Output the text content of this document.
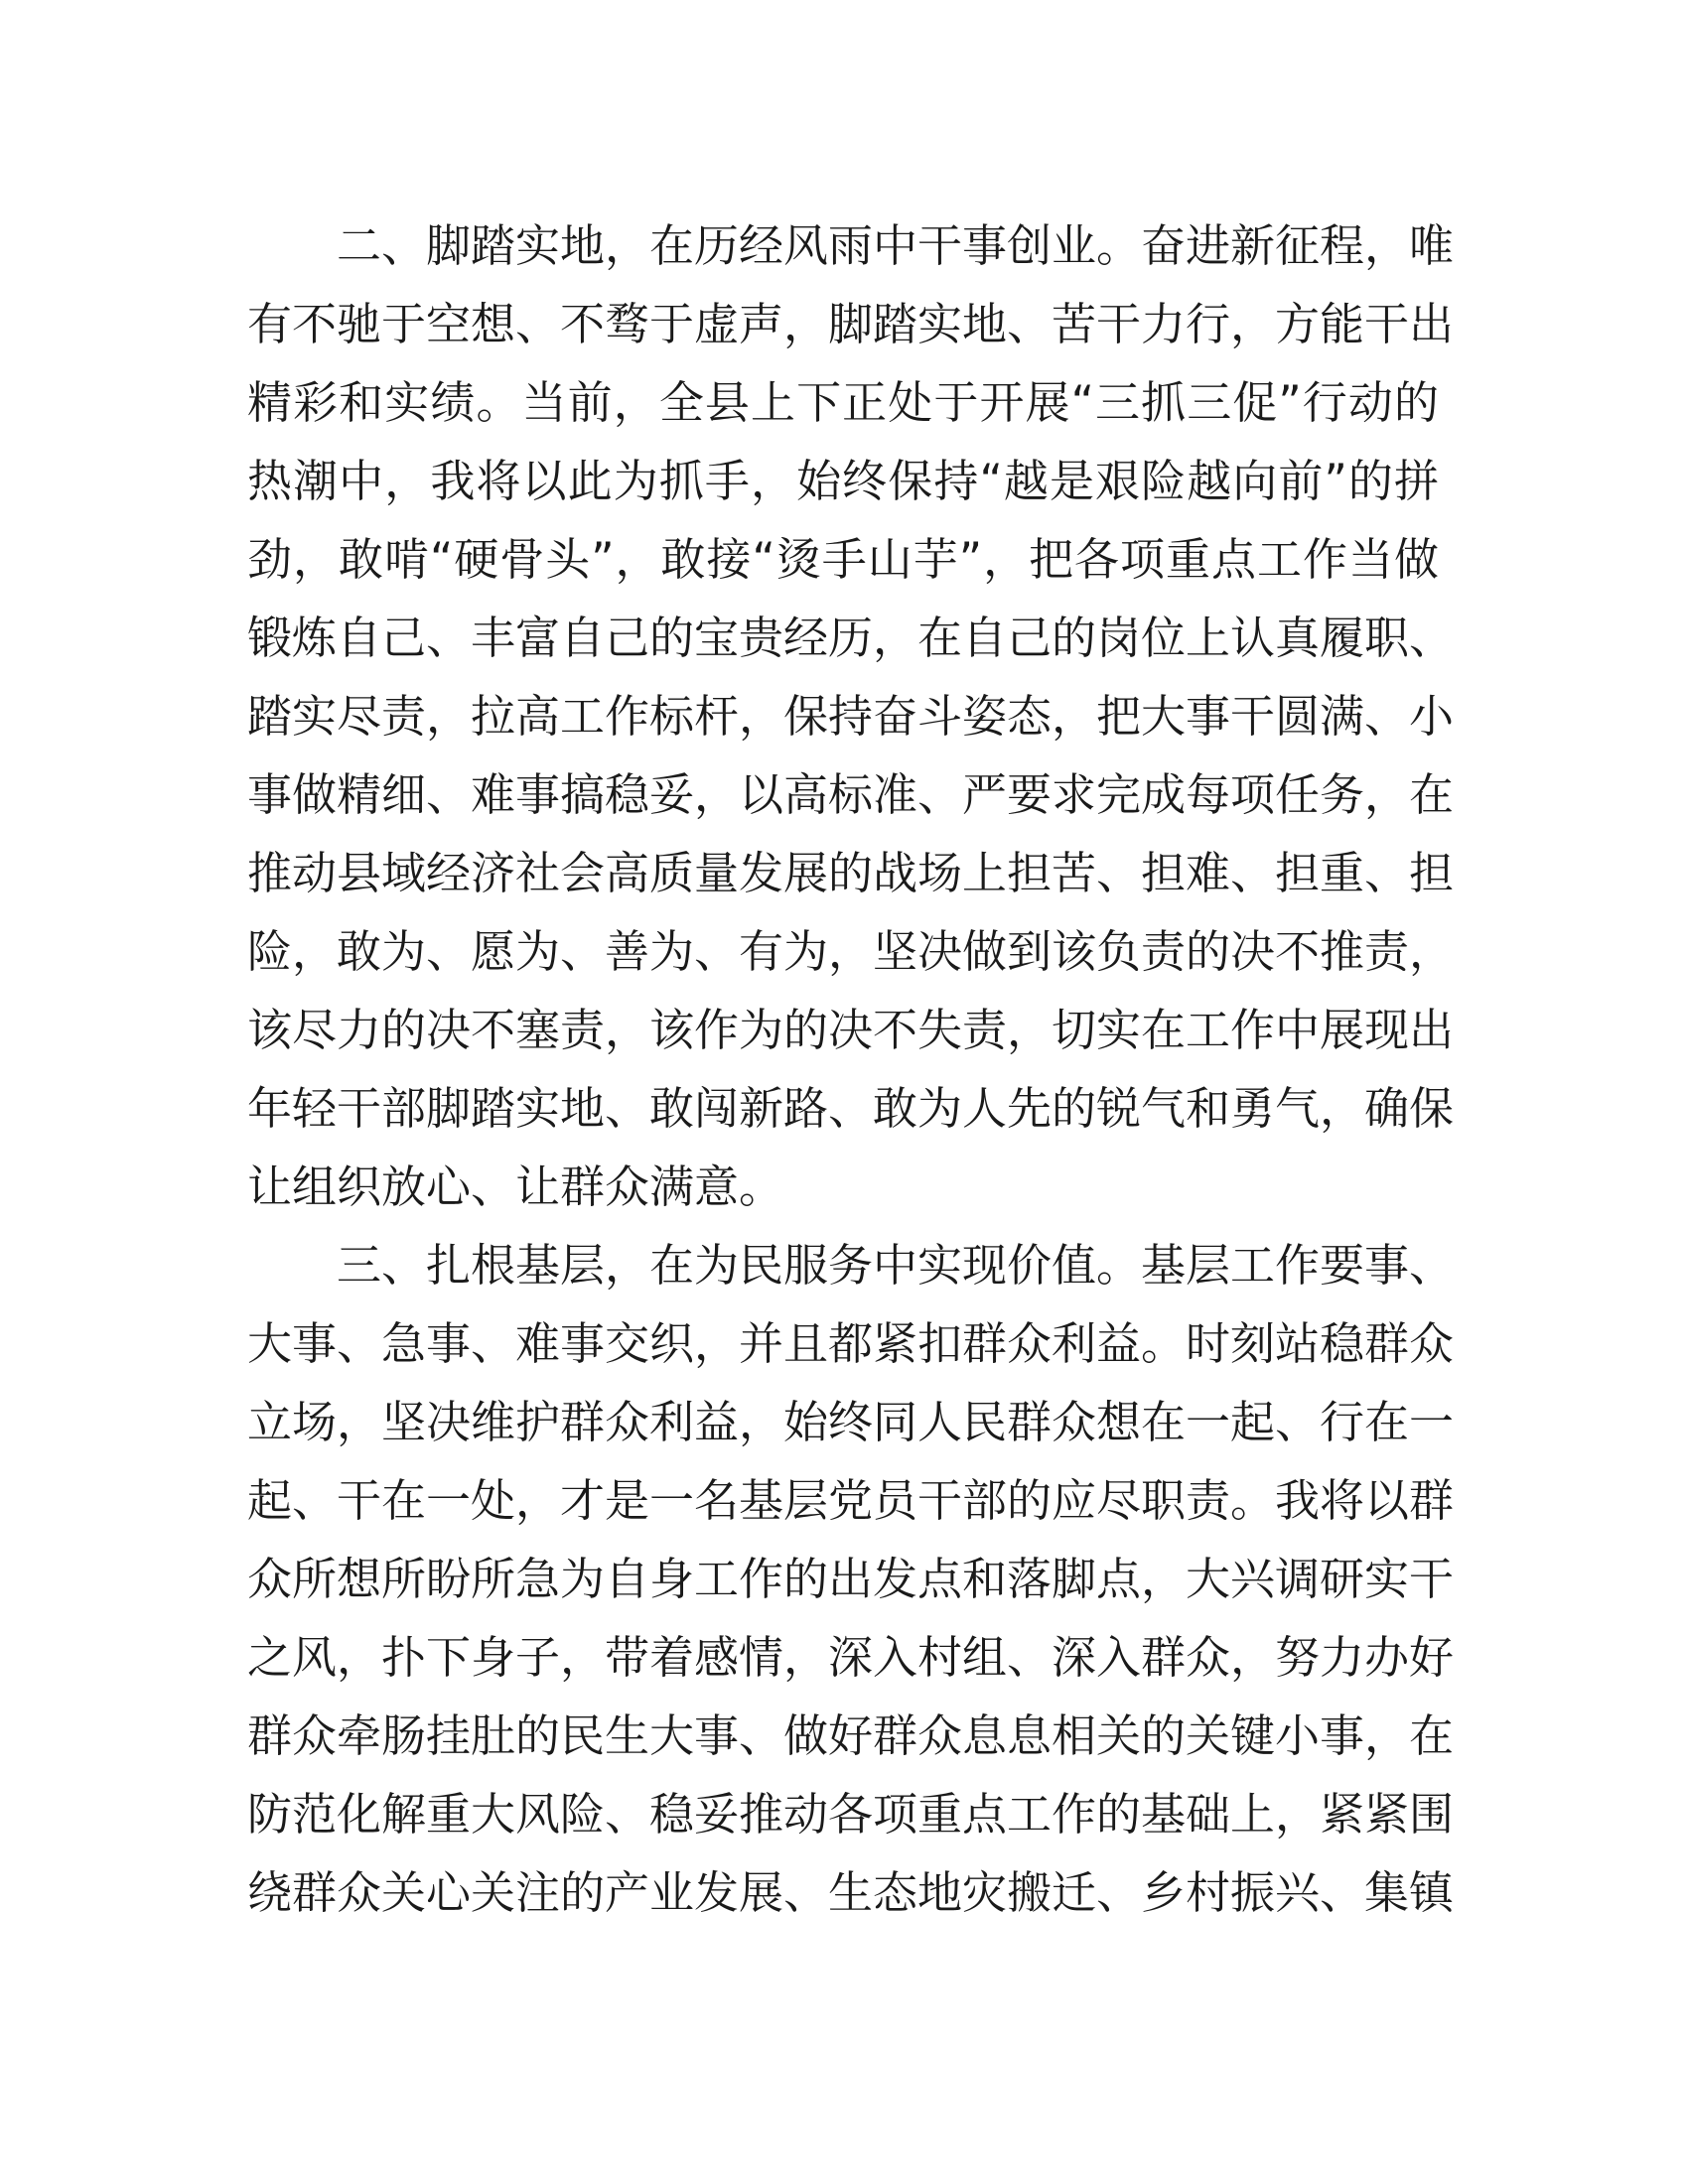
二、脚踏实地，在历经风雨中干事创业。奋进新征程，唯
有不驰于空想、不骛于虚声，脚踏实地、苦干力行，方能干出
精彩和实绩。当前，全县上下正处于开展“三抓三促”行动的
热潮中，我将以此为抓手，始终保持“越是艰险越向前”的拼
劲，敢啃“硬骨头”，敢接“烫手山芋”，把各项重点工作当做
锻炼自己、丰富自己的宝贵经历，在自己的岗位上认真履职、
踏实尽责，拉高工作标杆，保持奋斗姿态，把大事干圆满、小
事做精细、难事搞稳妥，以高标准、严要求完成每项任务，在
推动县域经济社会高质量发展的战场上担苦、担难、担重、担
险，敢为、愿为、善为、有为，坚决做到该负责的决不推责，
该尽力的决不塞责，该作为的决不失责，切实在工作中展现出
年轻干部脚踏实地、敢闯新路、敢为人先的锐气和勇气，确保
让组织放心、让群众满意。
三、扎根基层，在为民服务中实现价值。基层工作要事、
大事、急事、难事交织，并且都紧扣群众利益。时刻站稳群众
立场，坚决维护群众利益，始终同人民群众想在一起、行在一
起、干在一处，才是一名基层党员干部的应尽职责。我将以群
众所想所盼所急为自身工作的出发点和落脚点，大兴调研实干
之风，扑下身子，带着感情，深入村组、深入群众，努力办好
群众牵肠挂肚的民生大事、做好群众息息相关的关键小事，在
防范化解重大风险、稳妥推动各项重点工作的基础上，紧紧围
绕群众关心关注的产业发展、生态地灾搬迁、乡村振兴、集镇
